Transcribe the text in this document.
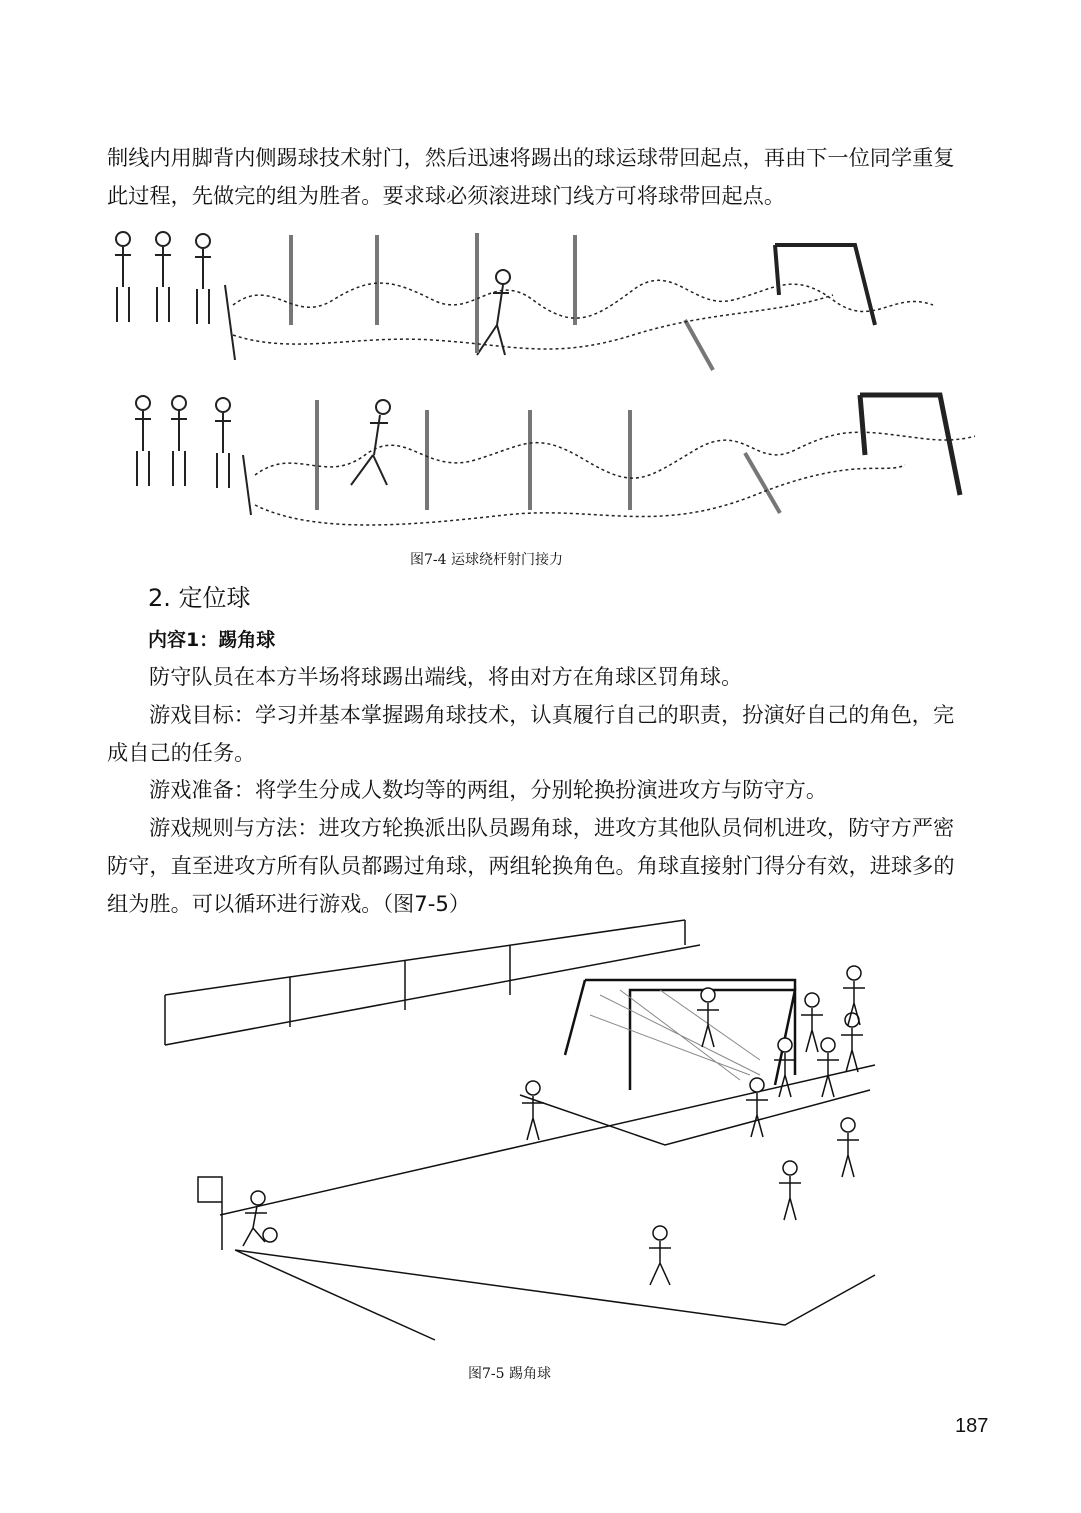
制线内用脚背内侧踢球技术射门，然后迅速将踢出的球运球带回起点，再由下一位同学重复此过程，先做完的组为胜者。要求球必须滚进球门线方可将球带回起点。

图7-4 运球绕杆射门接力
2. 定位球
内容1：踢角球

防守队员在本方半场将球踢出端线，将由对方在角球区罚角球。

游戏目标：学习并基本掌握踢角球技术，认真履行自己的职责，扮演好自己的角色，完成自己的任务。

游戏准备：将学生分成人数均等的两组，分别轮换扮演进攻方与防守方。

游戏规则与方法：进攻方轮换派出队员踢角球，进攻方其他队员伺机进攻，防守方严密防守，直至进攻方所有队员都踢过角球，两组轮换角色。角球直接射门得分有效，进球多的组为胜。可以循环进行游戏。（图7-5）

图7-5 踢角球
187
